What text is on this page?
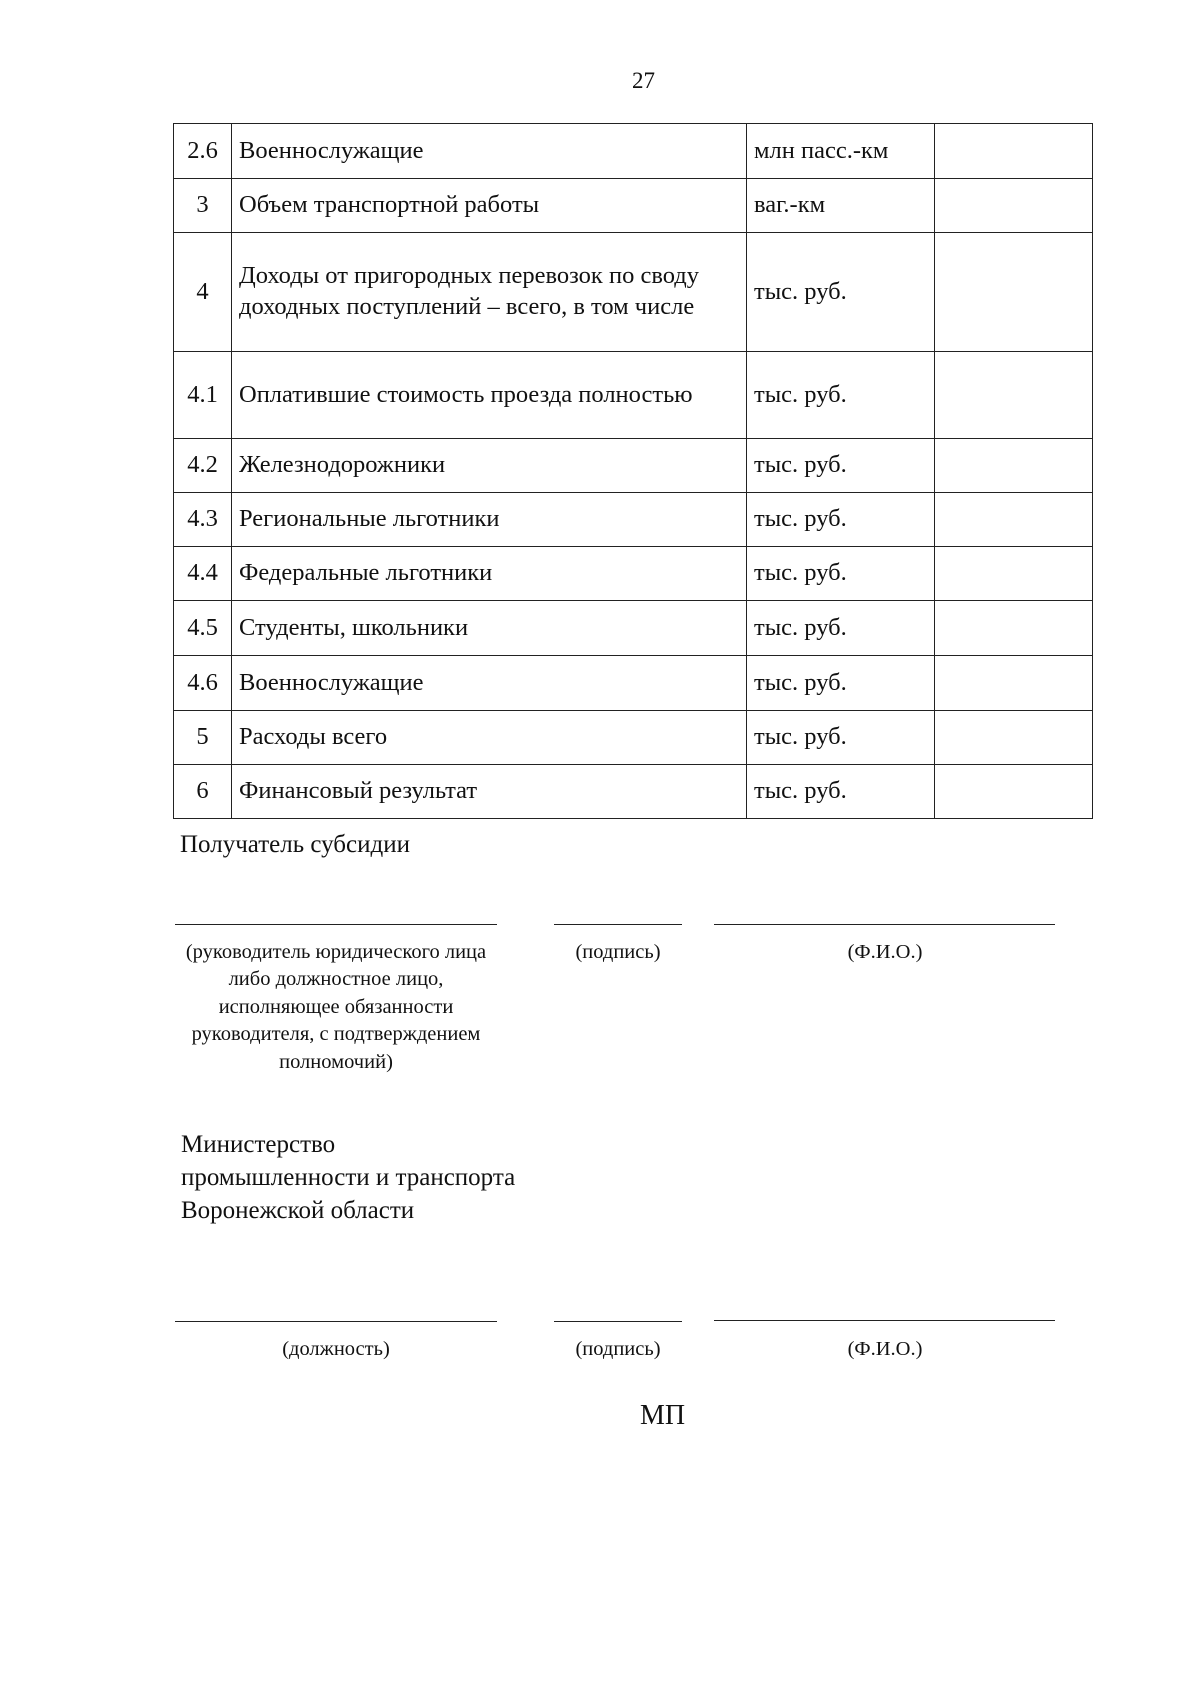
27
2.6	Военнослужащие	млн пасс.-км	
3	Объем транспортной работы	ваг.-км	
4	Доходы от пригородных перевозок по своду доходных поступлений – всего, в том числе	тыс. руб.	
4.1	Оплатившие стоимость проезда полностью	тыс. руб.	
4.2	Железнодорожники	тыс. руб.	
4.3	Региональные льготники	тыс. руб.	
4.4	Федеральные льготники	тыс. руб.	
4.5	Студенты, школьники	тыс. руб.	
4.6	Военнослужащие	тыс. руб.	
5	Расходы всего	тыс. руб.	
6	Финансовый результат	тыс. руб.	
Получатель субсидии
(руководитель юридического лица либо должностное лицо, исполняющее обязанности руководителя, с подтверждением полномочий)
(подпись)	(Ф.И.О.)
Министерство промышленности и транспорта Воронежской области
(должность)	(подпись)	(Ф.И.О.)
МП
